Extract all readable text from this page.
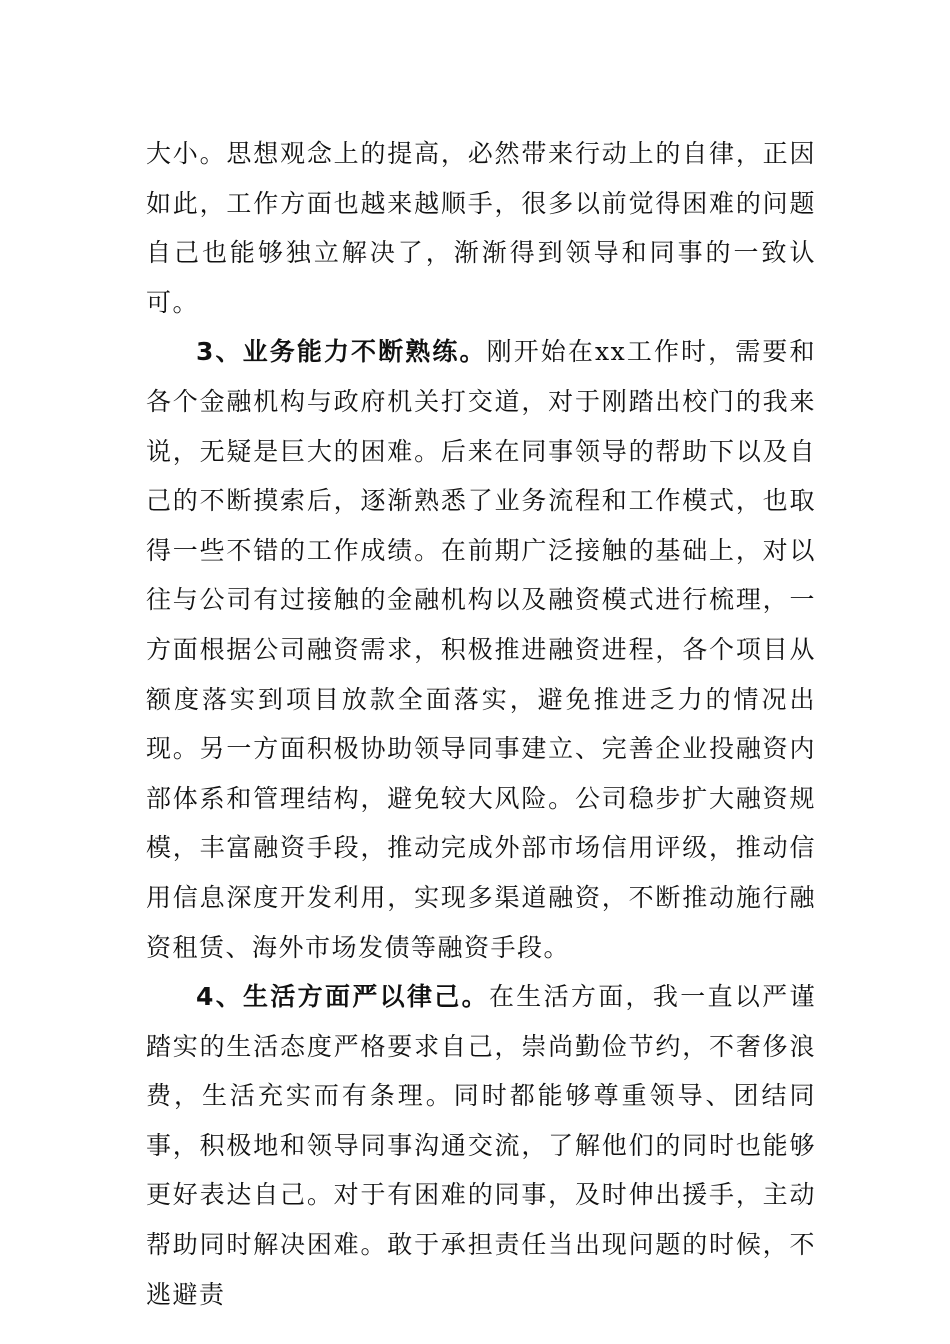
大小。思想观念上的提高，必然带来行动上的自律，正因如此，工作方面也越来越顺手，很多以前觉得困难的问题自己也能够独立解决了，渐渐得到领导和同事的一致认可。

3、业务能力不断熟练。刚开始在xx工作时，需要和各个金融机构与政府机关打交道，对于刚踏出校门的我来说，无疑是巨大的困难。后来在同事领导的帮助下以及自己的不断摸索后，逐渐熟悉了业务流程和工作模式，也取得一些不错的工作成绩。在前期广泛接触的基础上，对以往与公司有过接触的金融机构以及融资模式进行梳理，一方面根据公司融资需求，积极推进融资进程，各个项目从额度落实到项目放款全面落实，避免推进乏力的情况出现。另一方面积极协助领导同事建立、完善企业投融资内部体系和管理结构，避免较大风险。公司稳步扩大融资规模，丰富融资手段，推动完成外部市场信用评级，推动信用信息深度开发利用，实现多渠道融资，不断推动施行融资租赁、海外市场发债等融资手段。

4、生活方面严以律己。在生活方面，我一直以严谨踏实的生活态度严格要求自己，崇尚勤俭节约，不奢侈浪费，生活充实而有条理。同时都能够尊重领导、团结同事，积极地和领导同事沟通交流，了解他们的同时也能够更好表达自己。对于有困难的同事，及时伸出援手，主动帮助同时解决困难。敢于承担责任当出现问题的时候，不逃避责
